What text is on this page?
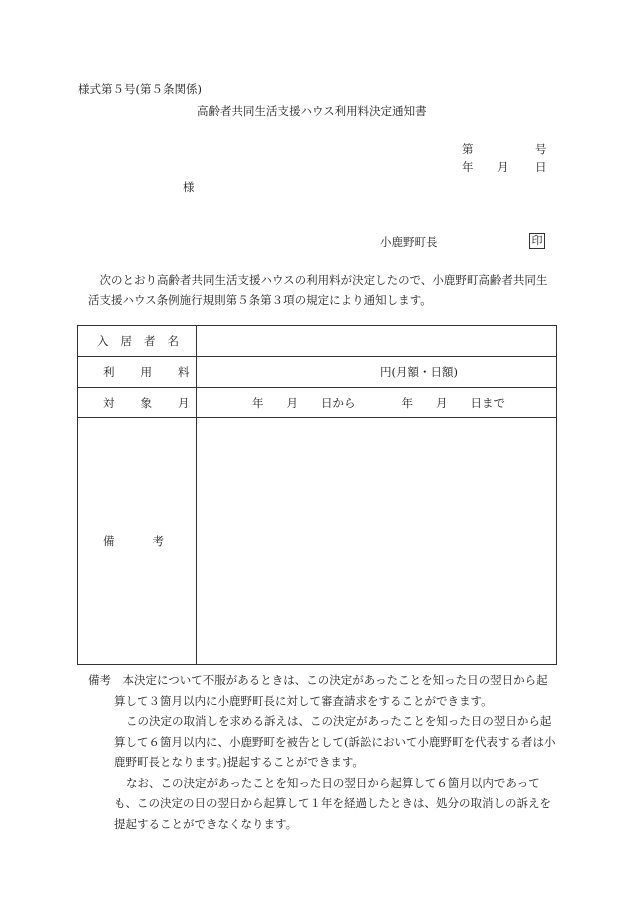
様式第５号(第５条関係)
高齢者共同生活支援ハウス利用料決定通知書
第	号
年 月 日
様
小鹿野町長	印

次のとおり高齢者共同生活支援ハウスの利用料が決定したので、小鹿野町高齢者共同生活支援ハウス条例施行規則第５条第３項の規定により通知します。

入居者名
利用料	円(月額・日額)
対象月	年　　月　　日から　　　　年　　月　　日まで
備考

備考　本決定について不服があるときは、この決定があったことを知った日の翌日から起算して３箇月以内に小鹿野町長に対して審査請求をすることができます。

この決定の取消しを求める訴えは、この決定があったことを知った日の翌日から起算して６箇月以内に、小鹿野町を被告として(訴訟において小鹿野町を代表する者は小鹿野町長となります。)提起することができます。

なお、この決定があったことを知った日の翌日から起算して６箇月以内であっても、この決定の日の翌日から起算して１年を経過したときは、処分の取消しの訴えを提起することができなくなります。
